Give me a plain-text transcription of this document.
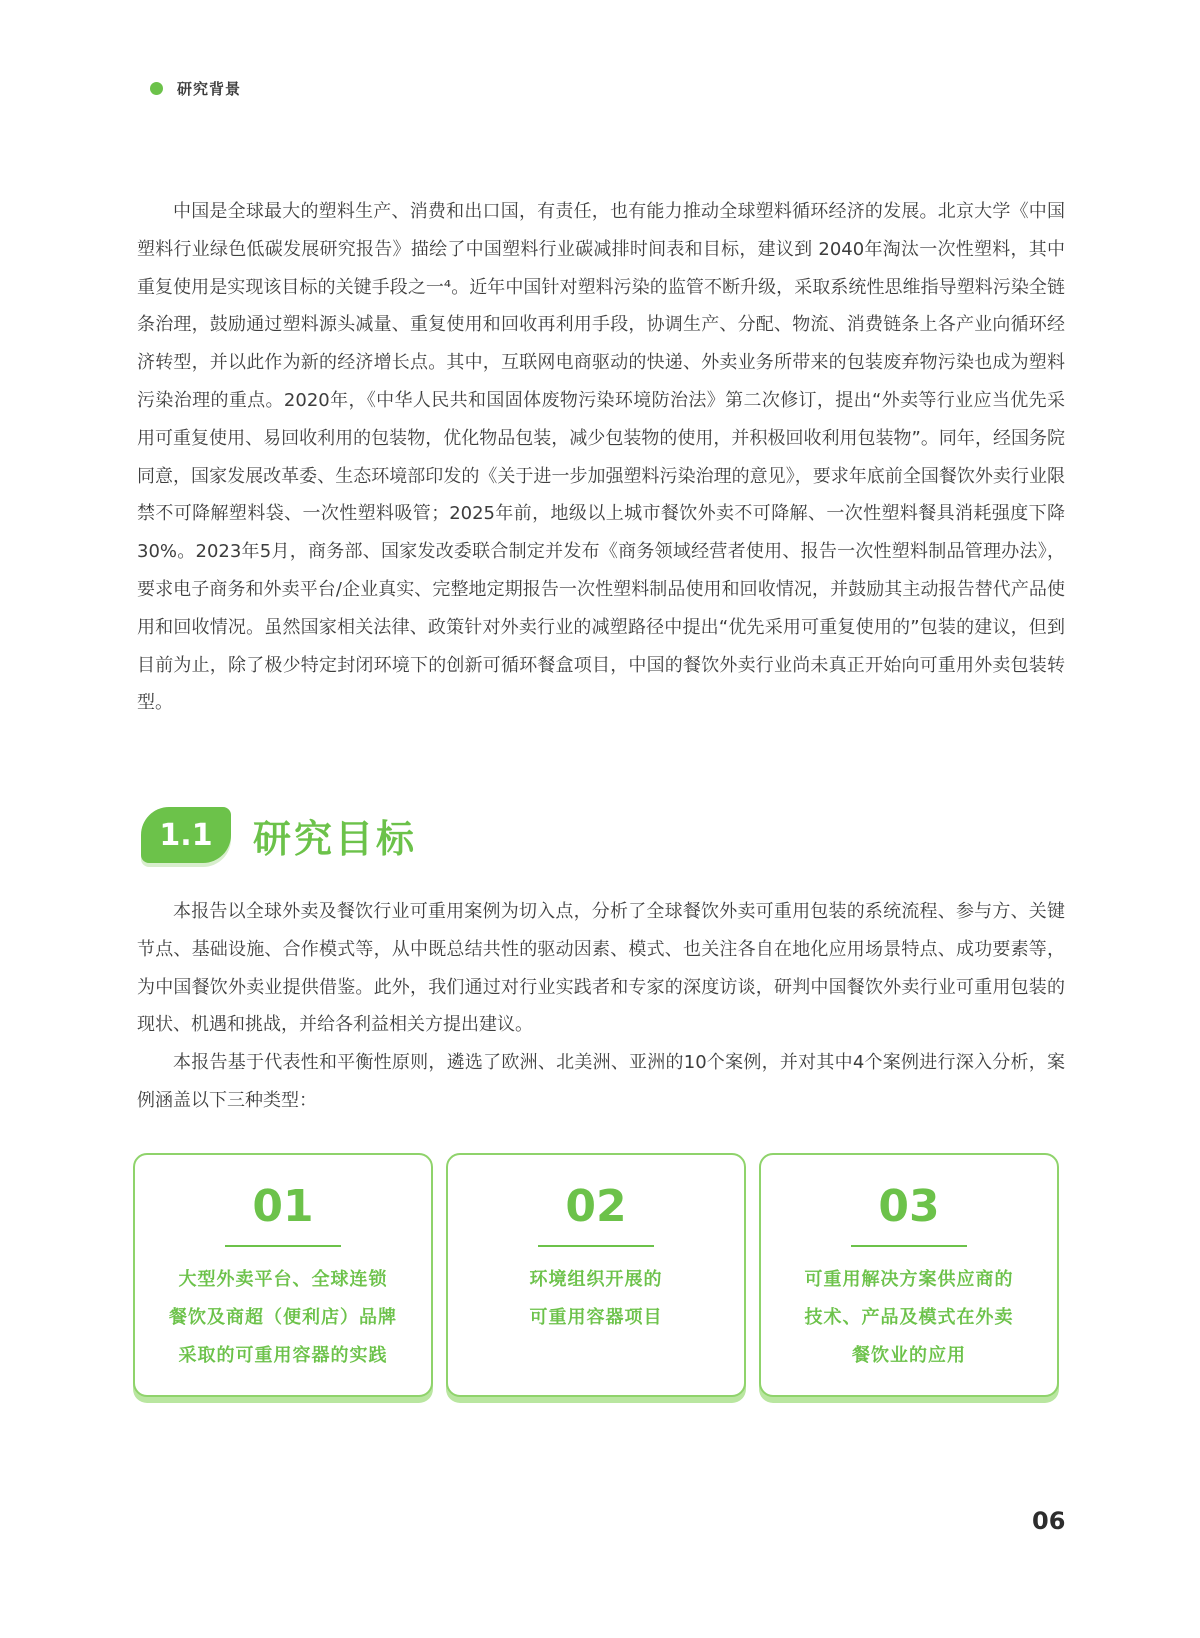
研究背景

中国是全球最大的塑料生产、消费和出口国，有责任，也有能力推动全球塑料循环经济的发展。北京大学《中国塑料行业绿色低碳发展研究报告》描绘了中国塑料行业碳减排时间表和目标，建议到 2040年淘汰一次性塑料，其中重复使用是实现该目标的关键手段之一⁴。近年中国针对塑料污染的监管不断升级，采取系统性思维指导塑料污染全链条治理，鼓励通过塑料源头减量、重复使用和回收再利用手段，协调生产、分配、物流、消费链条上各产业向循环经济转型，并以此作为新的经济增长点。其中，互联网电商驱动的快递、外卖业务所带来的包装废弃物污染也成为塑料污染治理的重点。2020年，《中华人民共和国固体废物污染环境防治法》第二次修订，提出“外卖等行业应当优先采用可重复使用、易回收利用的包装物，优化物品包装，减少包装物的使用，并积极回收利用包装物”。同年，经国务院同意，国家发展改革委、生态环境部印发的《关于进一步加强塑料污染治理的意见》，要求年底前全国餐饮外卖行业限禁不可降解塑料袋、一次性塑料吸管；2025年前，地级以上城市餐饮外卖不可降解、一次性塑料餐具消耗强度下降30%。2023年5月，商务部、国家发改委联合制定并发布《商务领域经营者使用、报告一次性塑料制品管理办法》，要求电子商务和外卖平台/企业真实、完整地定期报告一次性塑料制品使用和回收情况，并鼓励其主动报告替代产品使用和回收情况。虽然国家相关法律、政策针对外卖行业的减塑路径中提出“优先采用可重复使用的”包装的建议，但到目前为止，除了极少特定封闭环境下的创新可循环餐盒项目，中国的餐饮外卖行业尚未真正开始向可重用外卖包装转型。

1.1	研究目标

本报告以全球外卖及餐饮行业可重用案例为切入点，分析了全球餐饮外卖可重用包装的系统流程、参与方、关键节点、基础设施、合作模式等，从中既总结共性的驱动因素、模式、也关注各自在地化应用场景特点、成功要素等，为中国餐饮外卖业提供借鉴。此外，我们通过对行业实践者和专家的深度访谈，研判中国餐饮外卖行业可重用包装的现状、机遇和挑战，并给各利益相关方提出建议。

本报告基于代表性和平衡性原则，遴选了欧洲、北美洲、亚洲的10个案例，并对其中4个案例进行深入分析，案例涵盖以下三种类型：

01
大型外卖平台、全球连锁
餐饮及商超（便利店）品牌
采取的可重用容器的实践
02
环境组织开展的
可重用容器项目
03
可重用解决方案供应商的
技术、产品及模式在外卖
餐饮业的应用
06
